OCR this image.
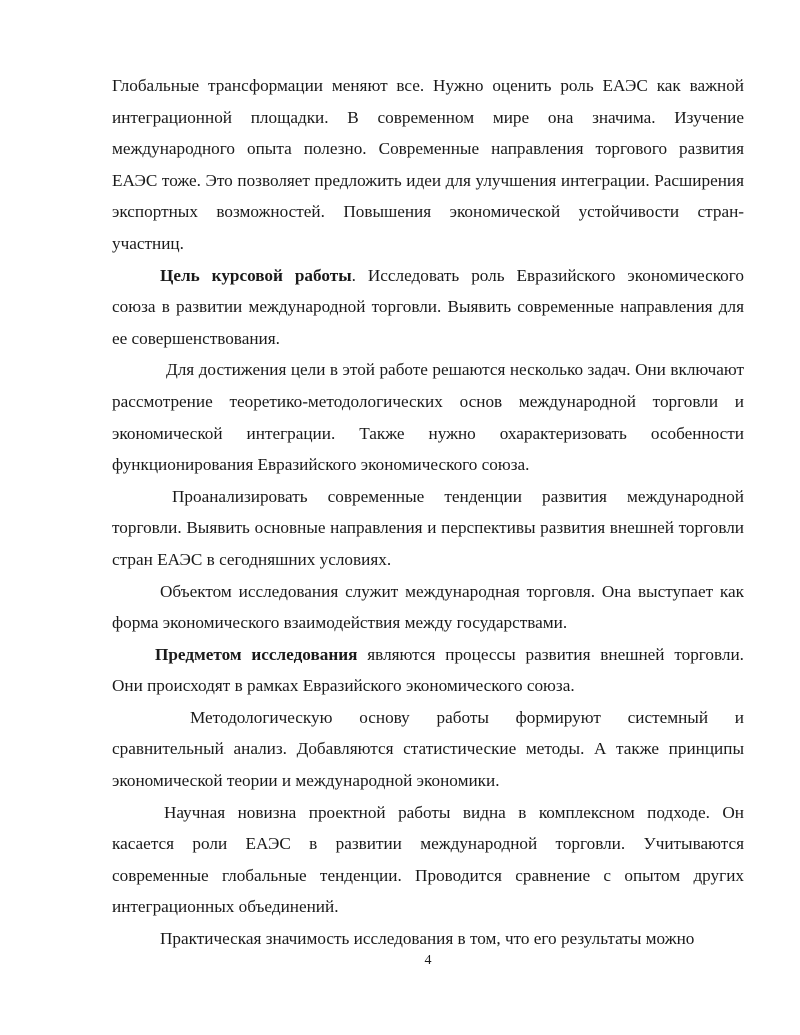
Глобальные трансформации меняют все. Нужно оценить роль ЕАЭС как важной интеграционной площадки. В современном мире она значима. Изучение международного опыта полезно. Современные направления торгового развития ЕАЭС тоже. Это позволяет предложить идеи для улучшения интеграции. Расширения экспортных возможностей. Повышения экономической устойчивости стран-участниц.

Цель курсовой работы. Исследовать роль Евразийского экономического союза в развитии международной торговли. Выявить современные направления для ее совершенствования.

Для достижения цели в этой работе решаются несколько задач. Они включают рассмотрение теоретико-методологических основ международной торговли и экономической интеграции. Также нужно охарактеризовать особенности функционирования Евразийского экономического союза.

Проанализировать современные тенденции развития международной торговли. Выявить основные направления и перспективы развития внешней торговли стран ЕАЭС в сегодняшних условиях.

Объектом исследования служит международная торговля. Она выступает как форма экономического взаимодействия между государствами.

Предметом исследования являются процессы развития внешней торговли. Они происходят в рамках Евразийского экономического союза.

Методологическую основу работы формируют системный и сравнительный анализ. Добавляются статистические методы. А также принципы экономической теории и международной экономики.

Научная новизна проектной работы видна в комплексном подходе. Он касается роли ЕАЭС в развитии международной торговли. Учитываются современные глобальные тенденции. Проводится сравнение с опытом других интеграционных объединений.

Практическая значимость исследования в том, что его результаты можно

4
